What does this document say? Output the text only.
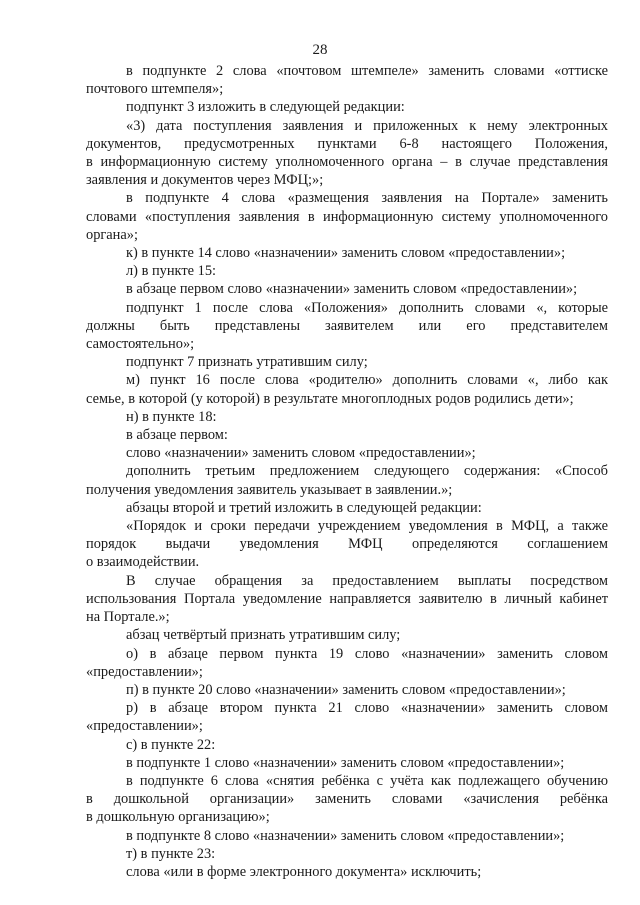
28

в подпункте 2 слова «почтовом штемпеле» заменить словами «оттиске

почтового штемпеля»;

подпункт 3 изложить в следующей редакции:

«3) дата поступления заявления и приложенных к нему электронных

документов, предусмотренных пунктами 6-8 настоящего Положения,

в информационную систему уполномоченного органа – в случае представления

заявления и документов через МФЦ;»;

в подпункте 4 слова «размещения заявления на Портале» заменить

словами «поступления заявления в информационную систему уполномоченного

органа»;

к) в пункте 14 слово «назначении» заменить словом «предоставлении»;

л) в пункте 15:

в абзаце первом слово «назначении» заменить словом «предоставлении»;

подпункт 1 после слова «Положения» дополнить словами «, которые

должны быть представлены заявителем или его представителем

самостоятельно»;

подпункт 7 признать утратившим силу;

м) пункт 16 после слова «родителю» дополнить словами «, либо как

семье, в которой (у которой) в результате многоплодных родов родились дети»;

н) в пункте 18:

в абзаце первом:

слово «назначении» заменить словом «предоставлении»;

дополнить третьим предложением следующего содержания: «Способ

получения уведомления заявитель указывает в заявлении.»;

абзацы второй и третий изложить в следующей редакции:

«Порядок и сроки передачи учреждением уведомления в МФЦ, а также

порядок выдачи уведомления МФЦ определяются соглашением

о взаимодействии.

В случае обращения за предоставлением выплаты посредством

использования Портала уведомление направляется заявителю в личный кабинет

на Портале.»;

абзац четвёртый признать утратившим силу;

о) в абзаце первом пункта 19 слово «назначении» заменить словом

«предоставлении»;

п) в пункте 20 слово «назначении» заменить словом «предоставлении»;

р) в абзаце втором пункта 21 слово «назначении» заменить словом

«предоставлении»;

с) в пункте 22:

в подпункте 1 слово «назначении» заменить словом «предоставлении»;

в подпункте 6 слова «снятия ребёнка с учёта как подлежащего обучению

в дошкольной организации» заменить словами «зачисления ребёнка

в дошкольную организацию»;

в подпункте 8 слово «назначении» заменить словом «предоставлении»;

т) в пункте 23:

слова «или в форме электронного документа» исключить;
